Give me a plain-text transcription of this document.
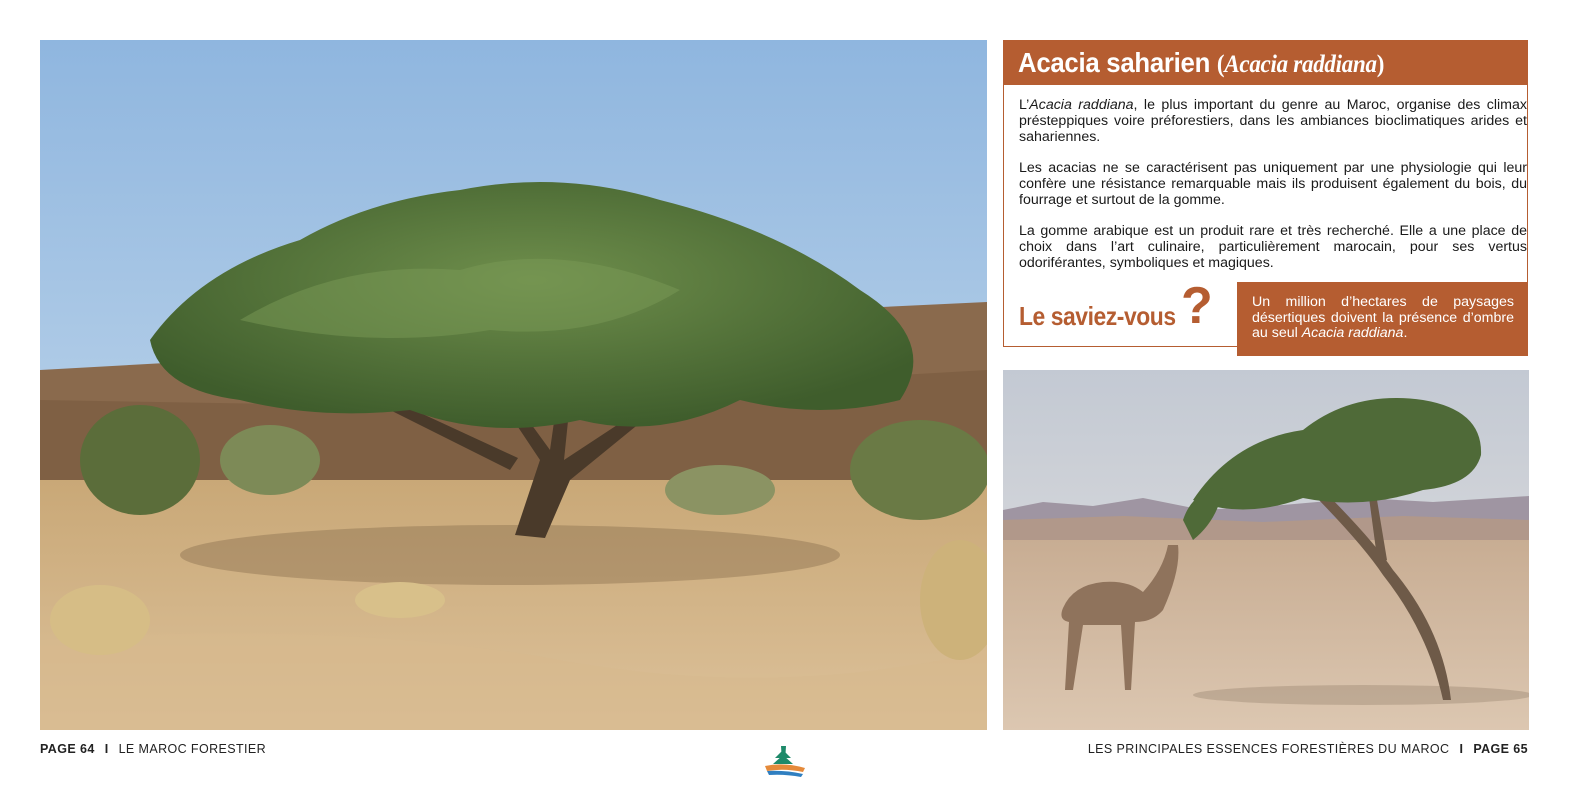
Acacia saharien (Acacia raddiana)

L’Acacia raddiana, le plus important du genre au Maroc, organise des climax présteppiques voire préforestiers, dans les ambiances bioclimatiques arides et sahariennes.

Les acacias ne se caractérisent pas uniquement par une physiologie qui leur confère une résistance remarquable mais ils produisent également du bois, du fourrage et surtout de la gomme.

La gomme arabique est un produit rare et très recherché. Elle a une place de choix dans l’art culinaire, particulièrement marocain, pour ses vertus odoriférantes, symboliques et magiques.

Le saviez-vous ?	Un million d’hectares de paysages désertiques doivent la présence d’ombre au seul Acacia raddiana.
PAGE 64 I LE MAROC FORESTIER	LES PRINCIPALES ESSENCES FORESTIÈRES DU MAROC I PAGE 65
